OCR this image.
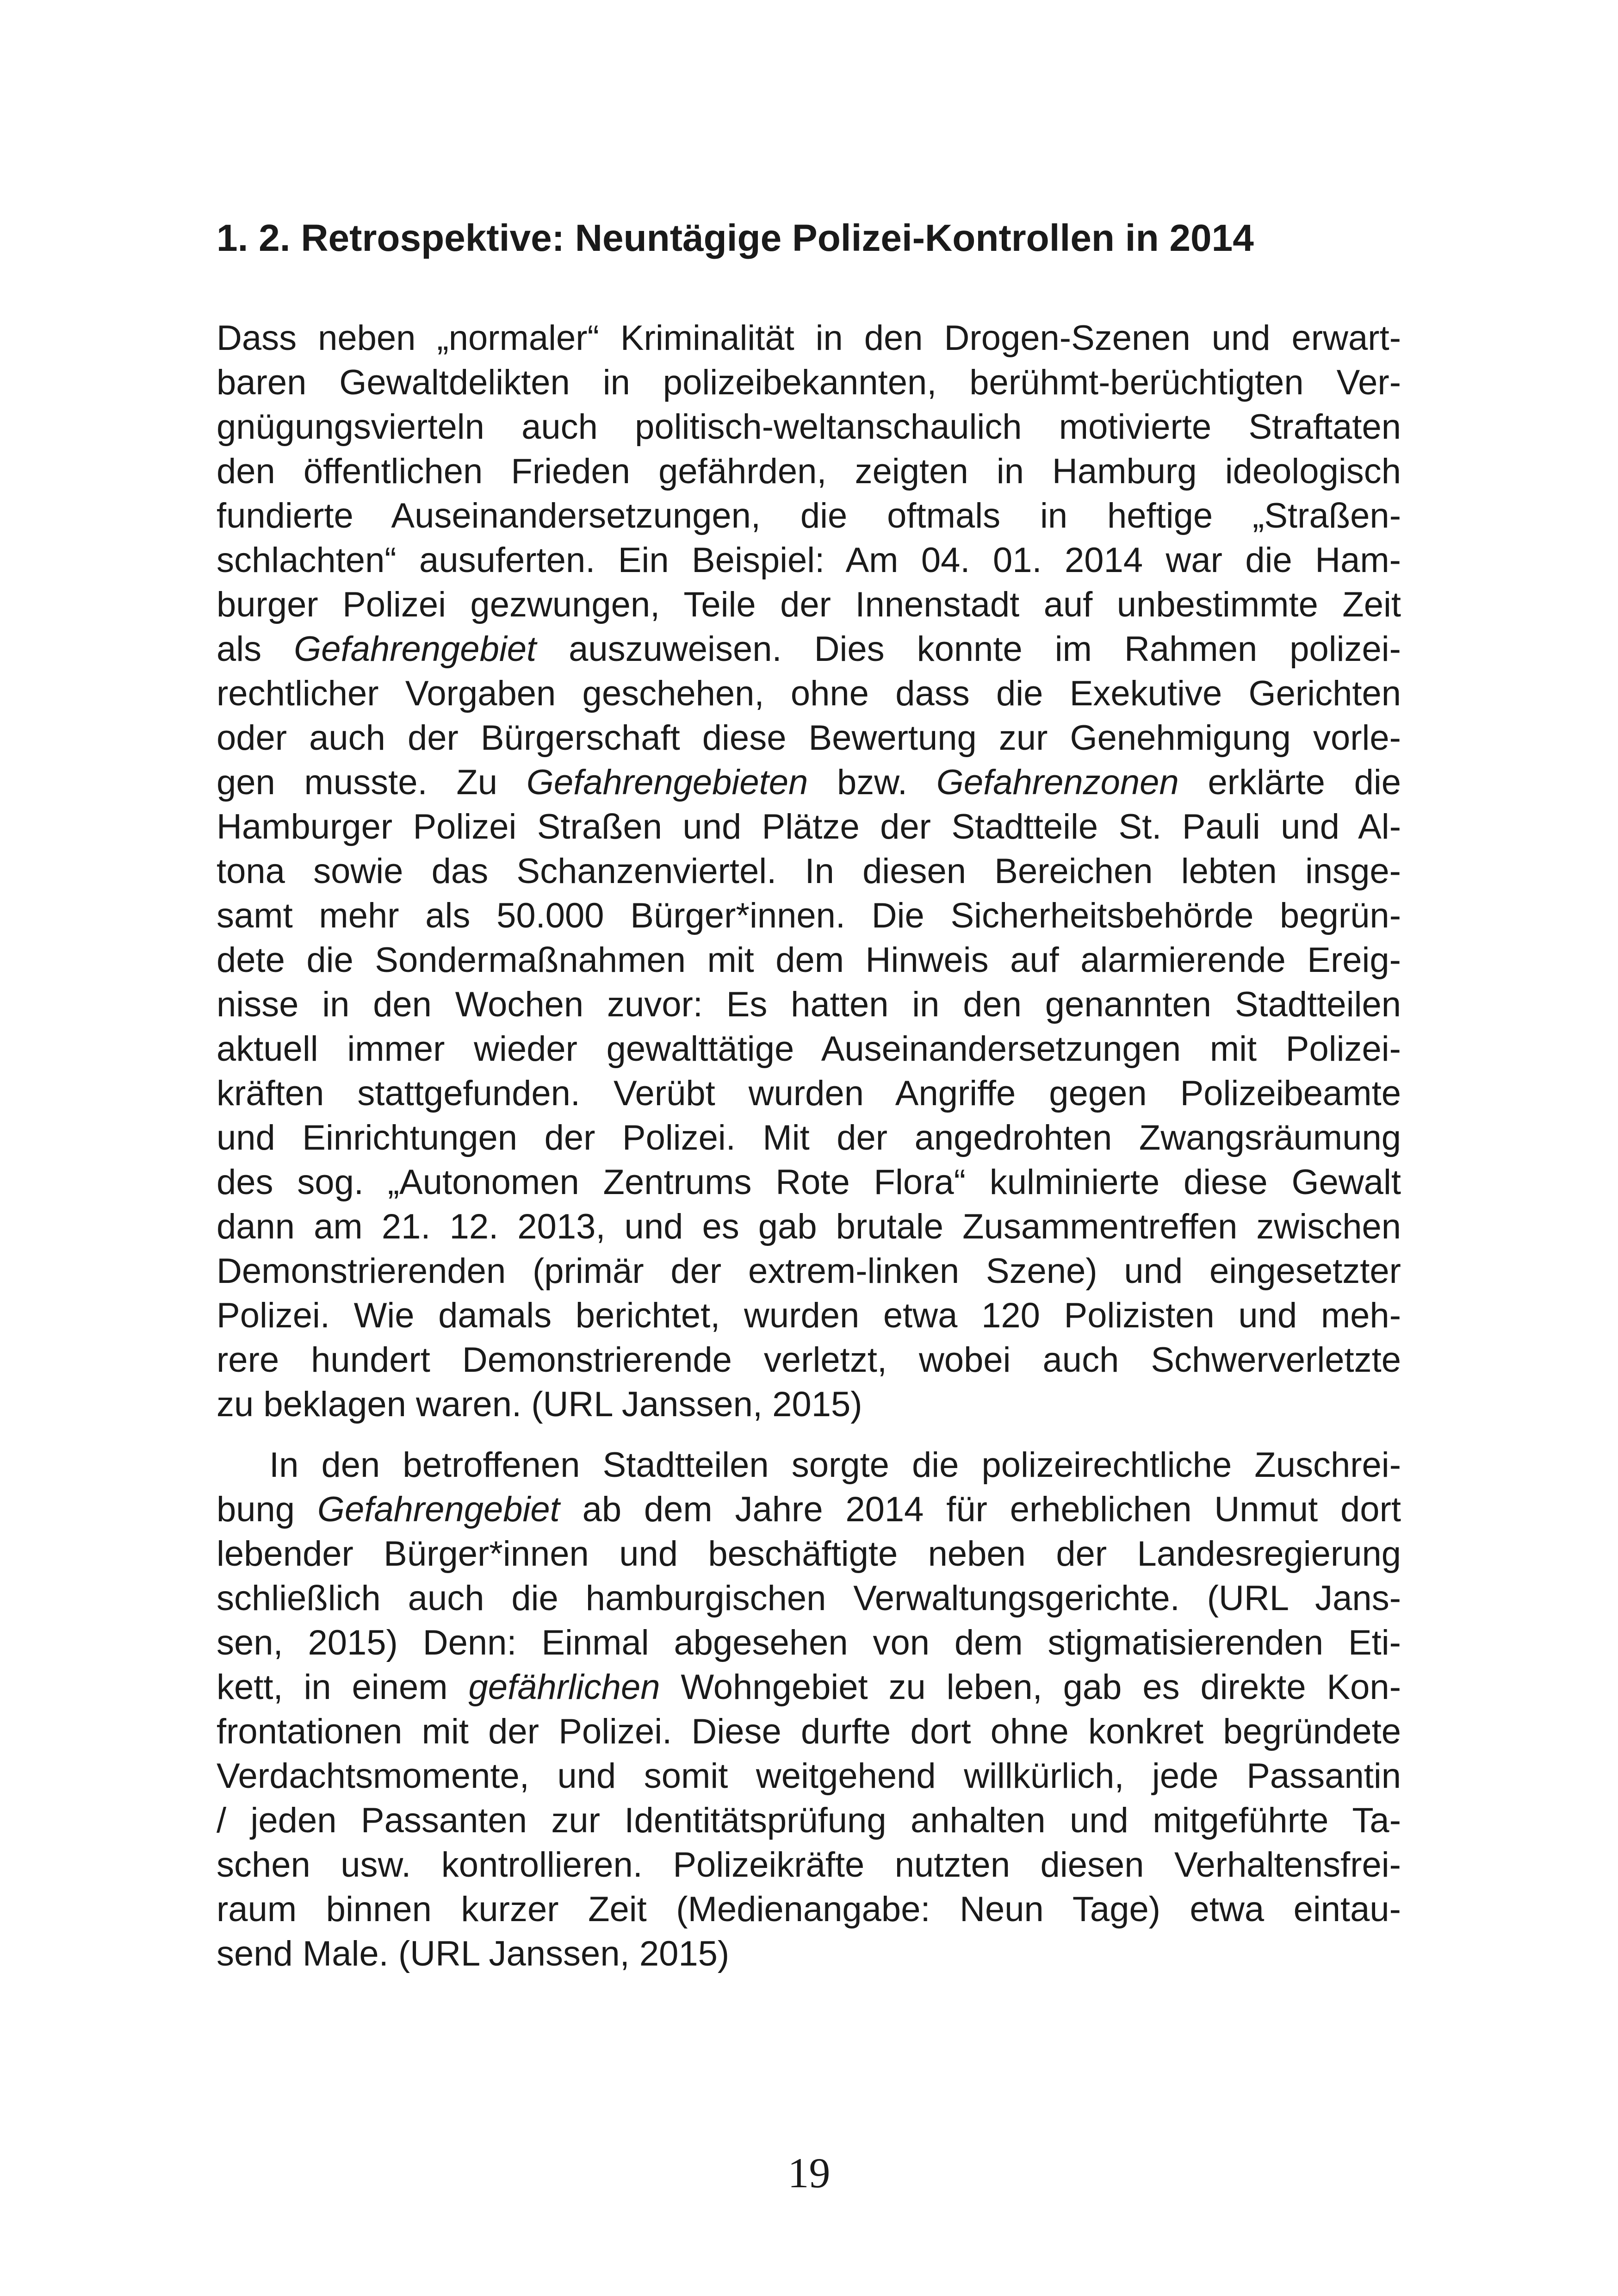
1. 2. Retrospektive: Neuntägige Polizei-Kontrollen in 2014
Dass neben „normaler“ Kriminalität in den Drogen-Szenen und erwart-
baren Gewaltdelikten in polizeibekannten, berühmt-berüchtigten Ver-
gnügungsvierteln auch politisch-weltanschaulich motivierte Straftaten
den öffentlichen Frieden gefährden, zeigten in Hamburg ideologisch
fundierte Auseinandersetzungen, die oftmals in heftige „Straßen-
schlachten“ ausuferten. Ein Beispiel: Am 04. 01. 2014 war die Ham-
burger Polizei gezwungen, Teile der Innenstadt auf unbestimmte Zeit
als Gefahrengebiet auszuweisen. Dies konnte im Rahmen polizei-
rechtlicher Vorgaben geschehen, ohne dass die Exekutive Gerichten
oder auch der Bürgerschaft diese Bewertung zur Genehmigung vorle-
gen musste. Zu Gefahrengebieten bzw. Gefahrenzonen erklärte die
Hamburger Polizei Straßen und Plätze der Stadtteile St. Pauli und Al-
tona sowie das Schanzenviertel. In diesen Bereichen lebten insge-
samt mehr als 50.000 Bürger*innen. Die Sicherheitsbehörde begrün-
dete die Sondermaßnahmen mit dem Hinweis auf alarmierende Ereig-
nisse in den Wochen zuvor: Es hatten in den genannten Stadtteilen
aktuell immer wieder gewalttätige Auseinandersetzungen mit Polizei-
kräften stattgefunden. Verübt wurden Angriffe gegen Polizeibeamte
und Einrichtungen der Polizei. Mit der angedrohten Zwangsräumung
des sog. „Autonomen Zentrums Rote Flora“ kulminierte diese Gewalt
dann am 21. 12. 2013, und es gab brutale Zusammentreffen zwischen
Demonstrierenden (primär der extrem-linken Szene) und eingesetzter
Polizei. Wie damals berichtet, wurden etwa 120 Polizisten und meh-
rere hundert Demonstrierende verletzt, wobei auch Schwerverletzte
zu beklagen waren. (URL Janssen, 2015)
In den betroffenen Stadtteilen sorgte die polizeirechtliche Zuschrei-
bung Gefahrengebiet ab dem Jahre 2014 für erheblichen Unmut dort
lebender Bürger*innen und beschäftigte neben der Landesregierung
schließlich auch die hamburgischen Verwaltungsgerichte. (URL Jans-
sen, 2015) Denn: Einmal abgesehen von dem stigmatisierenden Eti-
kett, in einem gefährlichen Wohngebiet zu leben, gab es direkte Kon-
frontationen mit der Polizei. Diese durfte dort ohne konkret begründete
Verdachtsmomente, und somit weitgehend willkürlich, jede Passantin
/ jeden Passanten zur Identitätsprüfung anhalten und mitgeführte Ta-
schen usw. kontrollieren. Polizeikräfte nutzten diesen Verhaltensfrei-
raum binnen kurzer Zeit (Medienangabe: Neun Tage) etwa eintau-
send Male. (URL Janssen, 2015)
19
